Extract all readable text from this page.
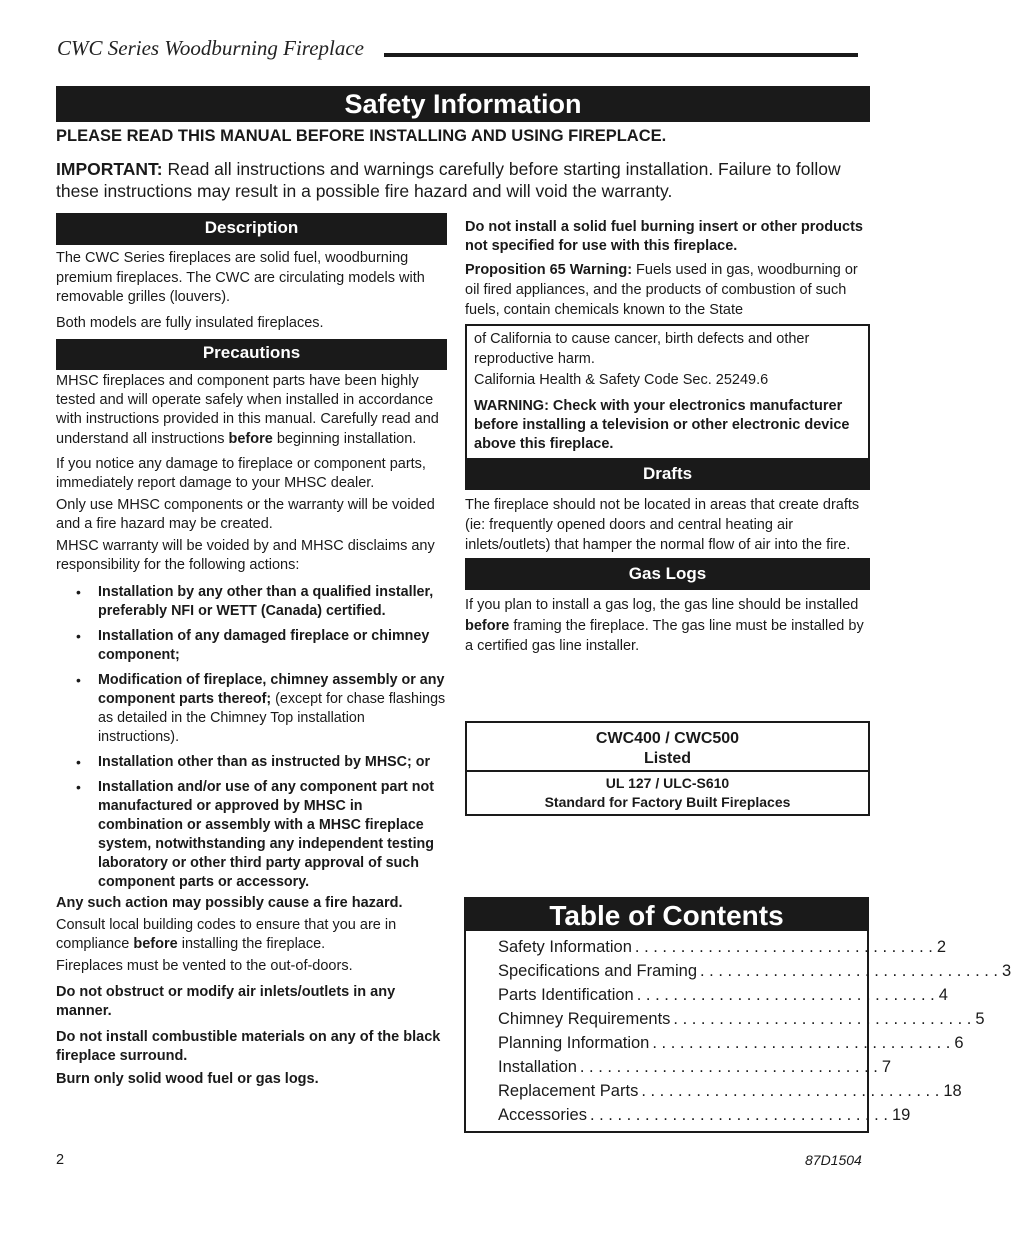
CWC Series Woodburning Fireplace
Safety Information
PLEASE READ THIS MANUAL BEFORE INSTALLING AND USING FIREPLACE.
IMPORTANT: Read all instructions and warnings carefully before starting installation. Failure to follow these instructions may result in a possible fire hazard and will void the warranty.
Description

The CWC Series fireplaces are solid fuel, woodburning premium fireplaces. The CWC are circulating models with removable grilles (louvers).

Both models are fully insulated fireplaces.

Precautions

MHSC fireplaces and component parts have been highly tested and will operate safely when installed in accordance with instructions provided in this manual. Carefully read and understand all instructions before beginning installation.

If you notice any damage to fireplace or component parts, immediately report damage to your MHSC dealer.

Only use MHSC components or the warranty will be voided and a fire hazard may be created.

MHSC warranty will be voided by and MHSC disclaims any responsibility for the following actions:

• Installation by any other than a qualified installer, preferably NFI or WETT (Canada) certified.
• Installation of any damaged fireplace or chimney component;
• Modification of fireplace, chimney assembly or any component parts thereof; (except for chase flashings as detailed in the Chimney Top installation instructions).
• Installation other than as instructed by MHSC; or
• Installation and/or use of any component part not manufactured or approved by MHSC in combination or assembly with a MHSC fireplace system, notwithstanding any independent testing laboratory or other third party approval of such component parts or accessory.

Any such action may possibly cause a fire hazard.

Consult local building codes to ensure that you are in compliance before installing the fireplace.

Fireplaces must be vented to the out-of-doors.

Do not obstruct or modify air inlets/outlets in any manner.

Do not install combustible materials on any of the black fireplace surround.

Burn only solid wood fuel or gas logs.

Do not install a solid fuel burning insert or other products not specified for use with this fireplace.

Proposition 65 Warning: Fuels used in gas, woodburning or oil fired appliances, and the products of combustion of such fuels, contain chemicals known to the State

of California to cause cancer, birth defects and other reproductive harm.

California Health & Safety Code Sec. 25249.6

WARNING: Check with your electronics manufacturer before installing a television or other electronic device above this fireplace.

Drafts

The fireplace should not be located in areas that create drafts (ie: frequently opened doors and central heating air inlets/outlets) that hamper the normal flow of air into the fire.

Gas Logs

If you plan to install a gas log, the gas line should be installed before framing the fireplace. The gas line must be installed by a certified gas line installer.

CWC400 / CWC500
Listed
UL 127 / ULC-S610
Standard for Factory Built Fireplaces
Table of Contents
Safety Information . . . . . . . . . . . . . . . . . . . . . . . . . . . . . . . . . 2
Specifications and Framing . . . . . . . . . . . . . . . . . . . . . . . . . . . . . . . . . 3
Parts Identification . . . . . . . . . . . . . . . . . . . . . . . . . . . . . . . . . 4
Chimney Requirements . . . . . . . . . . . . . . . . . . . . . . . . . . . . . . . . . 5
Planning Information . . . . . . . . . . . . . . . . . . . . . . . . . . . . . . . . . 6
Installation . . . . . . . . . . . . . . . . . . . . . . . . . . . . . . . . . 7
Replacement Parts . . . . . . . . . . . . . . . . . . . . . . . . . . . . . . . . . 18
Accessories . . . . . . . . . . . . . . . . . . . . . . . . . . . . . . . . . 19
2	87D1504
